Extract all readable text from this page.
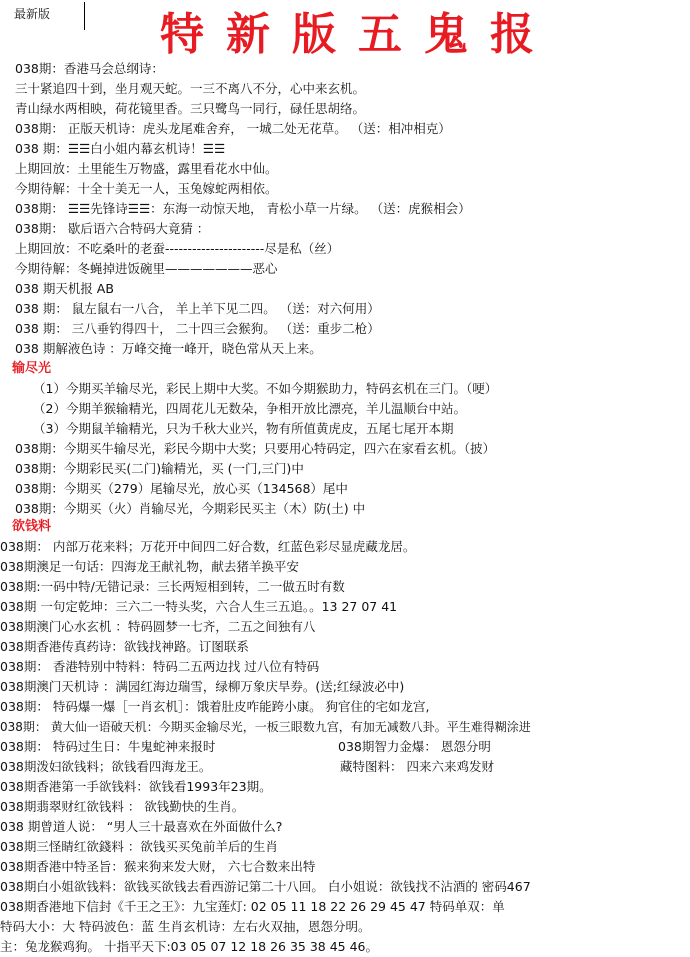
最新版 特新版五鬼报
038期：香港马会总纲诗：
三十紧追四十到，坐月观天蛇。一三不离八不分，心中来玄机。
青山绿水两相映，荷花镜里香。三只鹭鸟一同行，碌任思胡络。
038期： 正版天机诗：虎头龙尾难舍弃， 一城二处无花草。 （送：相冲相克）
038 期：☰☰白小姐内幕玄机诗！☰☰
上期回放：土里能生万物盛，露里看花水中仙。
今期待解：十全十美无一人，玉兔嫁蛇两相依。
038期： ☰☰先锋诗☰☰：东海一动惊天地， 青松小草一片绿。 （送：虎猴相会）
038期： 歇后语六合特码大竟猜 ：
上期回放：不吃桑叶的老蚕----------------------尽是私（丝）
今期待解：冬蝇掉进饭碗里———————恶心
038 期天机报 AB
038 期： 鼠左鼠右一八合， 羊上羊下见二四。 （送：对六何用）
038 期： 三八垂钓得四十， 二十四三会猴狗。 （送：重步二枪）
038 期解液色诗 ：万峰交掩一峰开，晓色常从天上来。
输尽光
（1）今期买羊输尽光，彩民上期中大奖。不如今期猴助力，特码玄机在三门。（哽）
（2）今期羊猴输精光，四周花儿无数朵，争相开放比漂亮，羊儿温顺台中站。
（3）今期鼠羊输精光，只为千秋大业兴，物有所值黄虎皮，五尾七尾开本期
038期：今期买牛输尽光，彩民今期中大奖；只要用心特码定，四六在家看玄机。（披）
038期：今期彩民买(二门)输精光，买 (一门,三门)中
038期：今期买（279）尾输尽光，放心买（134568）尾中
038期：今期买（火）肖输尽光，今期彩民买主（木）防(土) 中
欲钱料
038期： 内部万花来料；万花开中间四二好合数，红蓝色彩尽显虎藏龙居。
038期澳足一句话：四海龙王献礼物，献去猪羊换平安
038期:一码中特/无错记录：三长两短相到转，二一做五时有数
038期 一句定乾坤：三六二一特头奖，六合人生三五追。。13 27 07 41
038期澳门心水玄机 ：特码圆梦一七齐，二五之间独有八
038期香港传真药诗：欲钱找神路。订图联系
038期： 香港特别中特料：特码二五两边找 过八位有特码
038期澳门天机诗 ：满园红海边瑞雪，绿柳万象庆旱券。(送;红绿波必中)
038期： 特码爆一爆［一肖玄机］：饿着肚皮咋能跨小康。 狗官住的宅如龙宫,
038期： 黄大仙一语破天机：今期买金输尽光，一板三眼数九宫，有加无减数八卦。平生难得糊涂进
038期： 特码过生日：牛鬼蛇神来报时	038期智力金爆： 恩怨分明
038期泼妇欲钱料；欲钱看四海龙王。	藏特图料： 四来六来鸡发财
038期香港第一手欲钱料：欲钱看1993年23期。
038期翡翠财红欲钱料 ： 欲钱勤快的生肖。
038 期曾道人说： “男人三十最喜欢在外面做什么?
038期三怪睛红欲錢料 ：欲钱买买兔前羊后的生肖
038期香港中特圣旨：猴来狗来发大财， 六七合数来出特
038期白小姐欲钱料：欲钱买欲钱去看西游记第二十八回。 白小姐说：欲钱找不沾酒的 密码467
038期香港地下信封《千王之王》：九宝莲灯: 02 05 11 18 22 26 29 45 47 特码单双：单
特码大小：大 特码波色：蓝 生肖玄机诗：左右火双抽，恩怨分明。
主：兔龙猴鸡狗。 十指平天下:03 05 07 12 18 26 35 38 45 46。
